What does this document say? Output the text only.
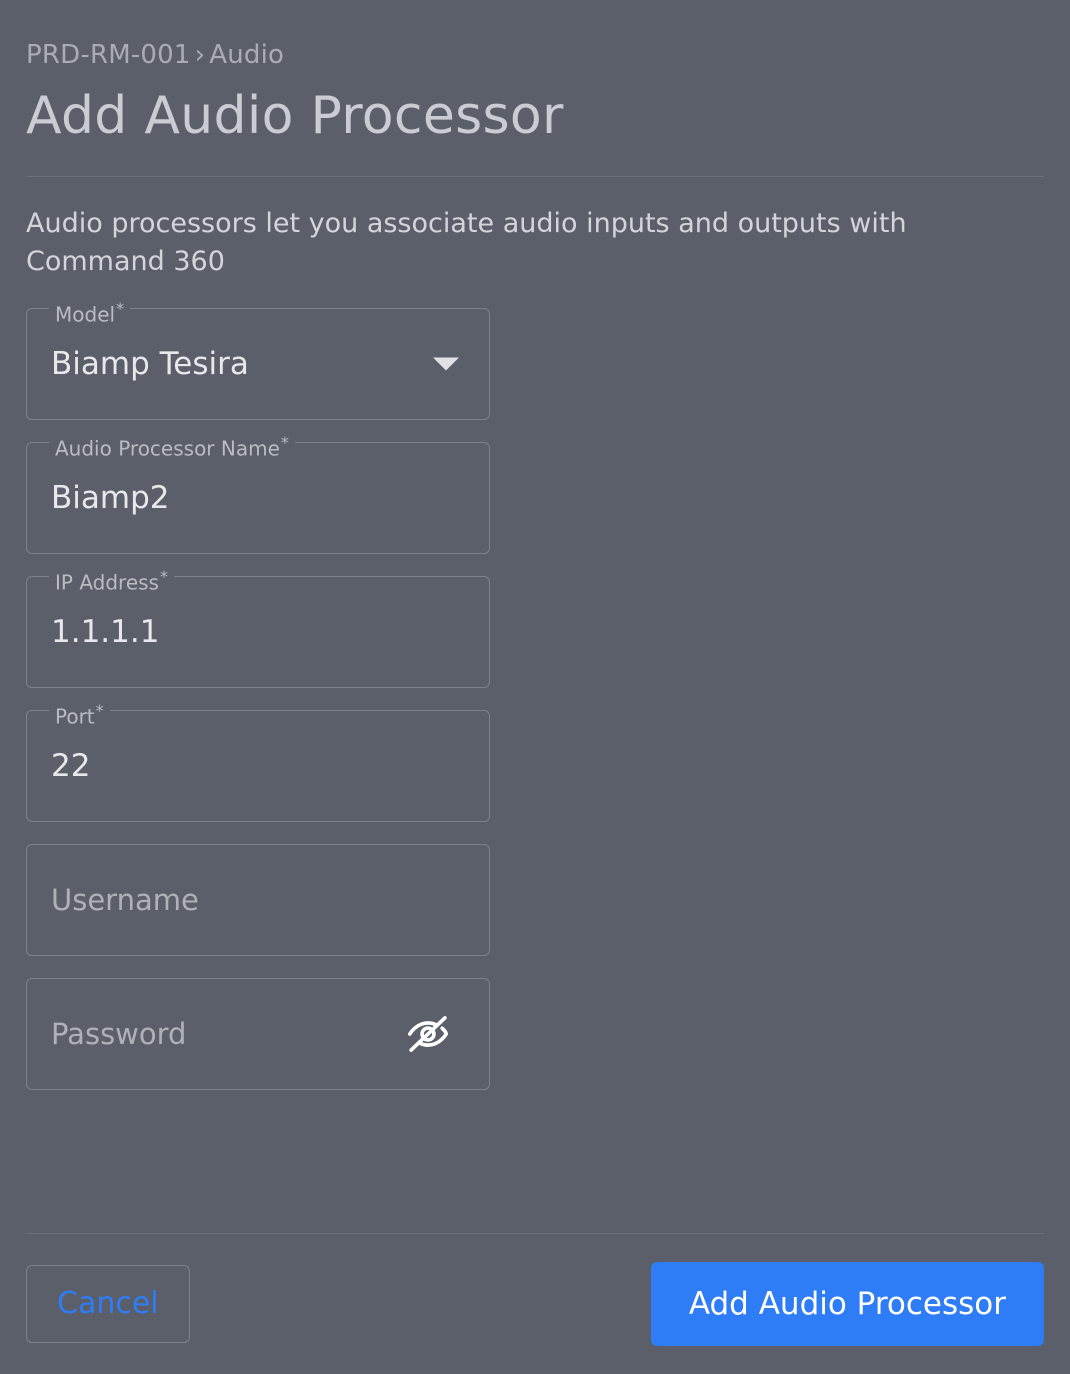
PRD-RM-001 › Audio
Add Audio Processor
Audio processors let you associate audio inputs and outputs with Command 360
Model*
Biamp Tesira
Audio Processor Name*
Biamp2
IP Address*
1.1.1.1
Port*
22
Username
Password
Cancel	Add Audio Processor
